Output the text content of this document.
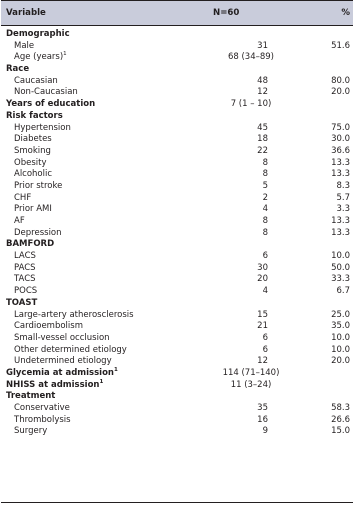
Variable	N=60	%
Demographic
Male	31	51.6
Age (years)$^1$	68 (34–89)
Race
Caucasian	48	80.0
Non-Caucasian	12	20.0
Years of education	7 (1 – 10)
Risk factors
Hypertension	45	75.0
Diabetes	18	30.0
Smoking	22	36.6
Obesity	8	13.3
Alcoholic	8	13.3
Prior stroke	5	8.3
CHF	2	5.7
Prior AMI	4	3.3
AF	8	13.3
Depression	8	13.3
BAMFORD
LACS	6	10.0
PACS	30	50.0
TACS	20	33.3
POCS	4	6.7
TOAST
Large-artery atherosclerosis	15	25.0
Cardioembolism	21	35.0
Small-vessel occlusion	6	10.0
Other determined etiology	6	10.0
Undetermined etiology	12	20.0
Glycemia at admission$^1$	114 (71–140)
NHISS at admission$^1$	11 (3–24)
Treatment
Conservative	35	58.3
Thrombolysis	16	26.6
Surgery	9	15.0
